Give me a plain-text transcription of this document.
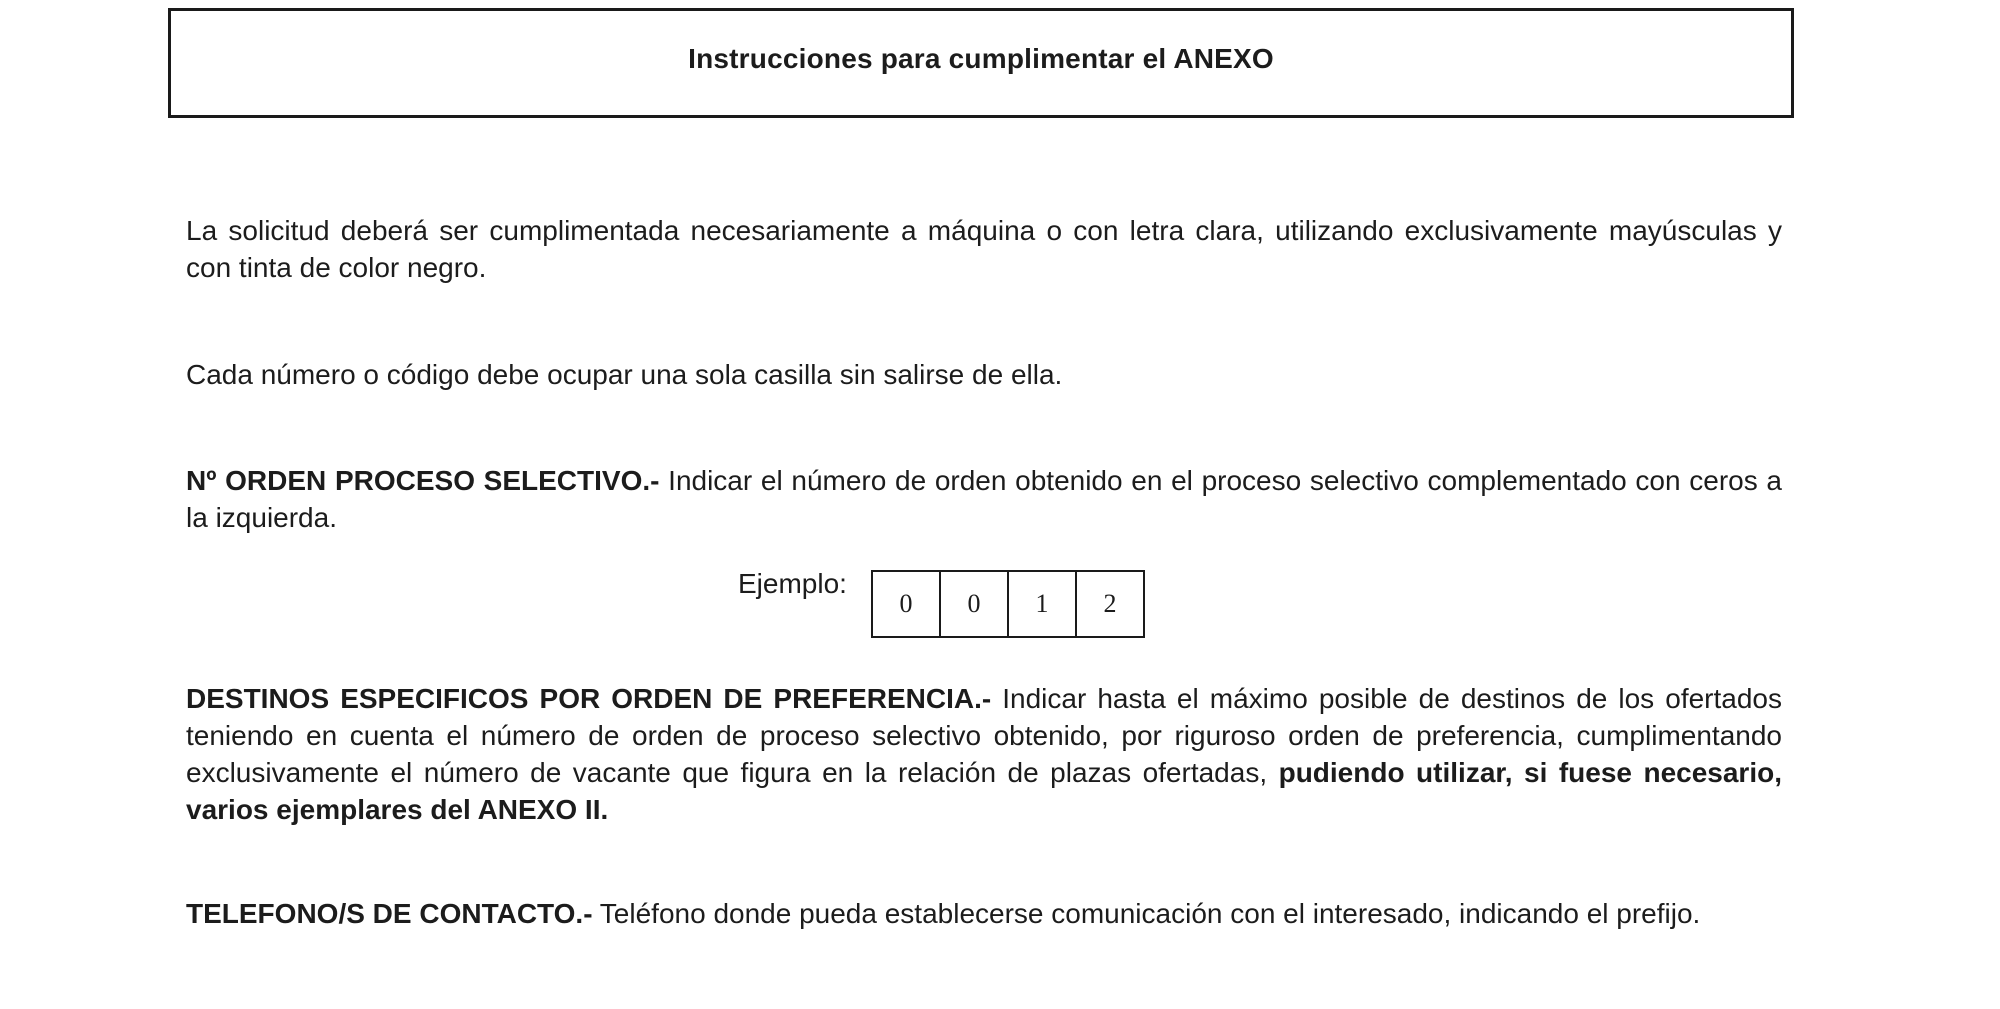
Instrucciones para cumplimentar el ANEXO
La solicitud deberá ser cumplimentada necesariamente a máquina o con letra clara, utilizando exclusivamente mayúsculas y con tinta de color negro.
Cada número o código debe ocupar una sola casilla sin salirse de ella.
Nº ORDEN PROCESO SELECTIVO.- Indicar el número de orden obtenido en el proceso selectivo complementado con ceros a la izquierda.
Ejemplo:
0	0	1	2
DESTINOS ESPECIFICOS POR ORDEN DE PREFERENCIA.- Indicar hasta el máximo posible de destinos de los ofertados teniendo en cuenta el número de orden de proceso selectivo obtenido, por riguroso orden de preferencia, cumplimentando exclusivamente el número de vacante que figura en la relación de plazas ofertadas, pudiendo utilizar, si fuese necesario, varios ejemplares del ANEXO II.
TELEFONO/S DE CONTACTO.- Teléfono donde pueda establecerse comunicación con el interesado, indicando el prefijo.
